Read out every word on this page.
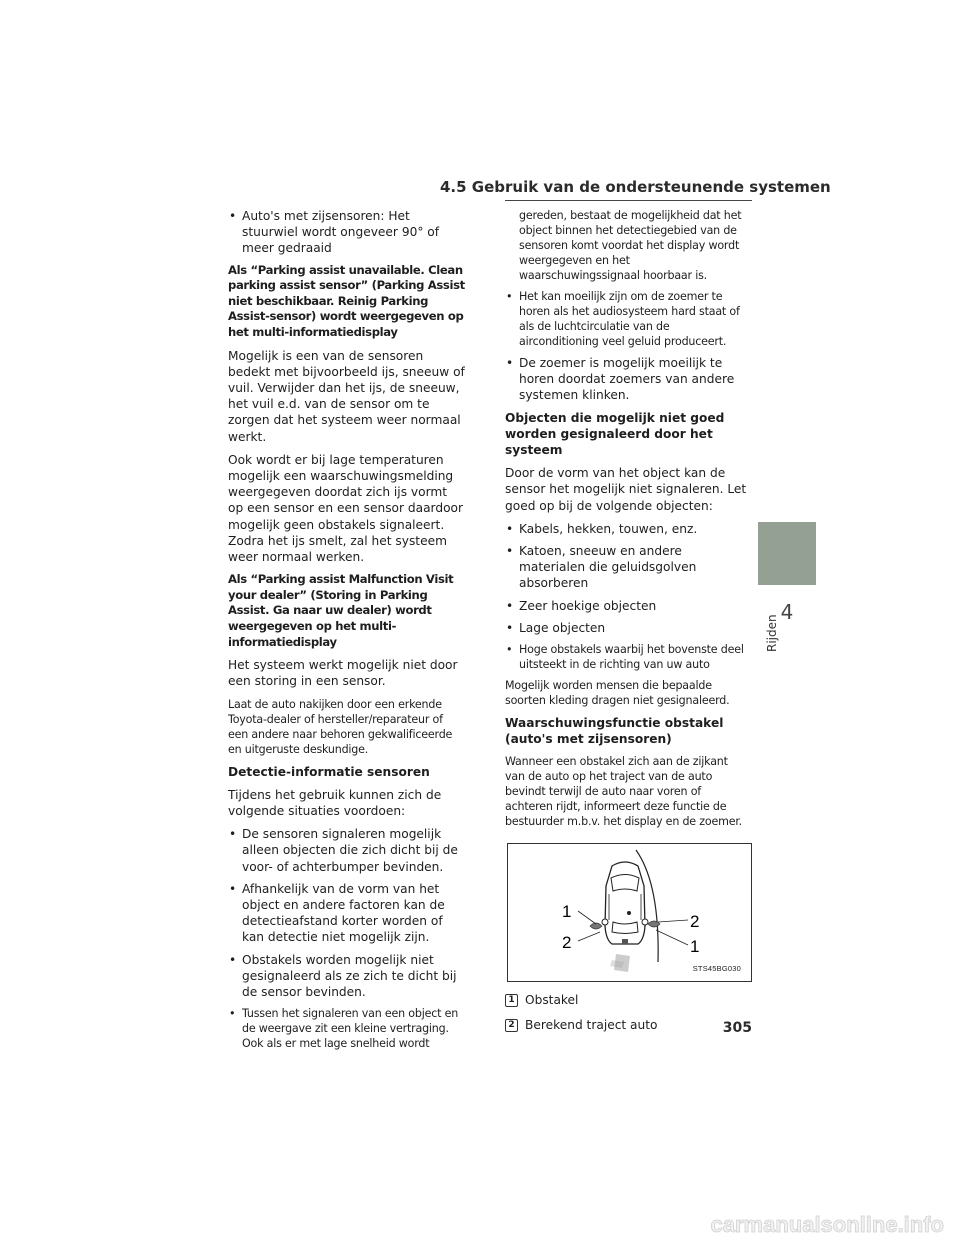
4.5 Gebruik van de ondersteunende systemen
• Auto's met zijsensoren: Het stuurwiel wordt ongeveer 90° of meer gedraaid
Als “Parking assist unavailable. Clean parking assist sensor” (Parking Assist niet beschikbaar. Reinig Parking Assist-sensor) wordt weergegeven op het multi-informatiedisplay

Mogelijk is een van de sensoren bedekt met bijvoorbeeld ijs, sneeuw of vuil. Verwijder dan het ijs, de sneeuw, het vuil e.d. van de sensor om te zorgen dat het systeem weer normaal werkt.

Ook wordt er bij lage temperaturen mogelijk een waarschuwingsmelding weergegeven doordat zich ijs vormt op een sensor en een sensor daardoor mogelijk geen obstakels signaleert. Zodra het ijs smelt, zal het systeem weer normaal werken.

Als “Parking assist Malfunction Visit your dealer” (Storing in Parking Assist. Ga naar uw dealer) wordt weergegeven op het multi-informatiedisplay

Het systeem werkt mogelijk niet door een storing in een sensor.

Laat de auto nakijken door een erkende Toyota-dealer of hersteller/reparateur of een andere naar behoren gekwalificeerde en uitgeruste deskundige.

Detectie-informatie sensoren

Tijdens het gebruik kunnen zich de volgende situaties voordoen:

• De sensoren signaleren mogelijk alleen objecten die zich dicht bij de voor- of achterbumper bevinden.
• Afhankelijk van de vorm van het object en andere factoren kan de detectieafstand korter worden of kan detectie niet mogelijk zijn.
• Obstakels worden mogelijk niet gesignaleerd als ze zich te dicht bij de sensor bevinden.
• Tussen het signaleren van een object en de weergave zit een kleine vertraging. Ook als er met lage snelheid wordt
gereden, bestaat de mogelijkheid dat het object binnen het detectiegebied van de sensoren komt voordat het display wordt weergegeven en het waarschuwingssignaal hoorbaar is.
• Het kan moeilijk zijn om de zoemer te horen als het audiosysteem hard staat of als de luchtcirculatie van de airconditioning veel geluid produceert.
• De zoemer is mogelijk moeilijk te horen doordat zoemers van andere systemen klinken.
Objecten die mogelijk niet goed worden gesignaleerd door het systeem

Door de vorm van het object kan de sensor het mogelijk niet signaleren. Let goed op bij de volgende objecten:

• Kabels, hekken, touwen, enz.
• Katoen, sneeuw en andere materialen die geluidsgolven absorberen
• Zeer hoekige objecten
• Lage objecten
• Hoge obstakels waarbij het bovenste deel uitsteekt in de richting van uw auto

Mogelijk worden mensen die bepaalde soorten kleding dragen niet gesignaleerd.

Waarschuwingsfunctie obstakel (auto's met zijsensoren)

Wanneer een obstakel zich aan de zijkant van de auto op het traject van de auto bevindt terwijl de auto naar voren of achteren rijdt, informeert deze functie de bestuurder m.b.v. het display en de zoemer.

1
1
2
2
STS45BG030
1 Obstakel
2 Berekend traject auto
4
Rijden
305
carmanualsonline.info
